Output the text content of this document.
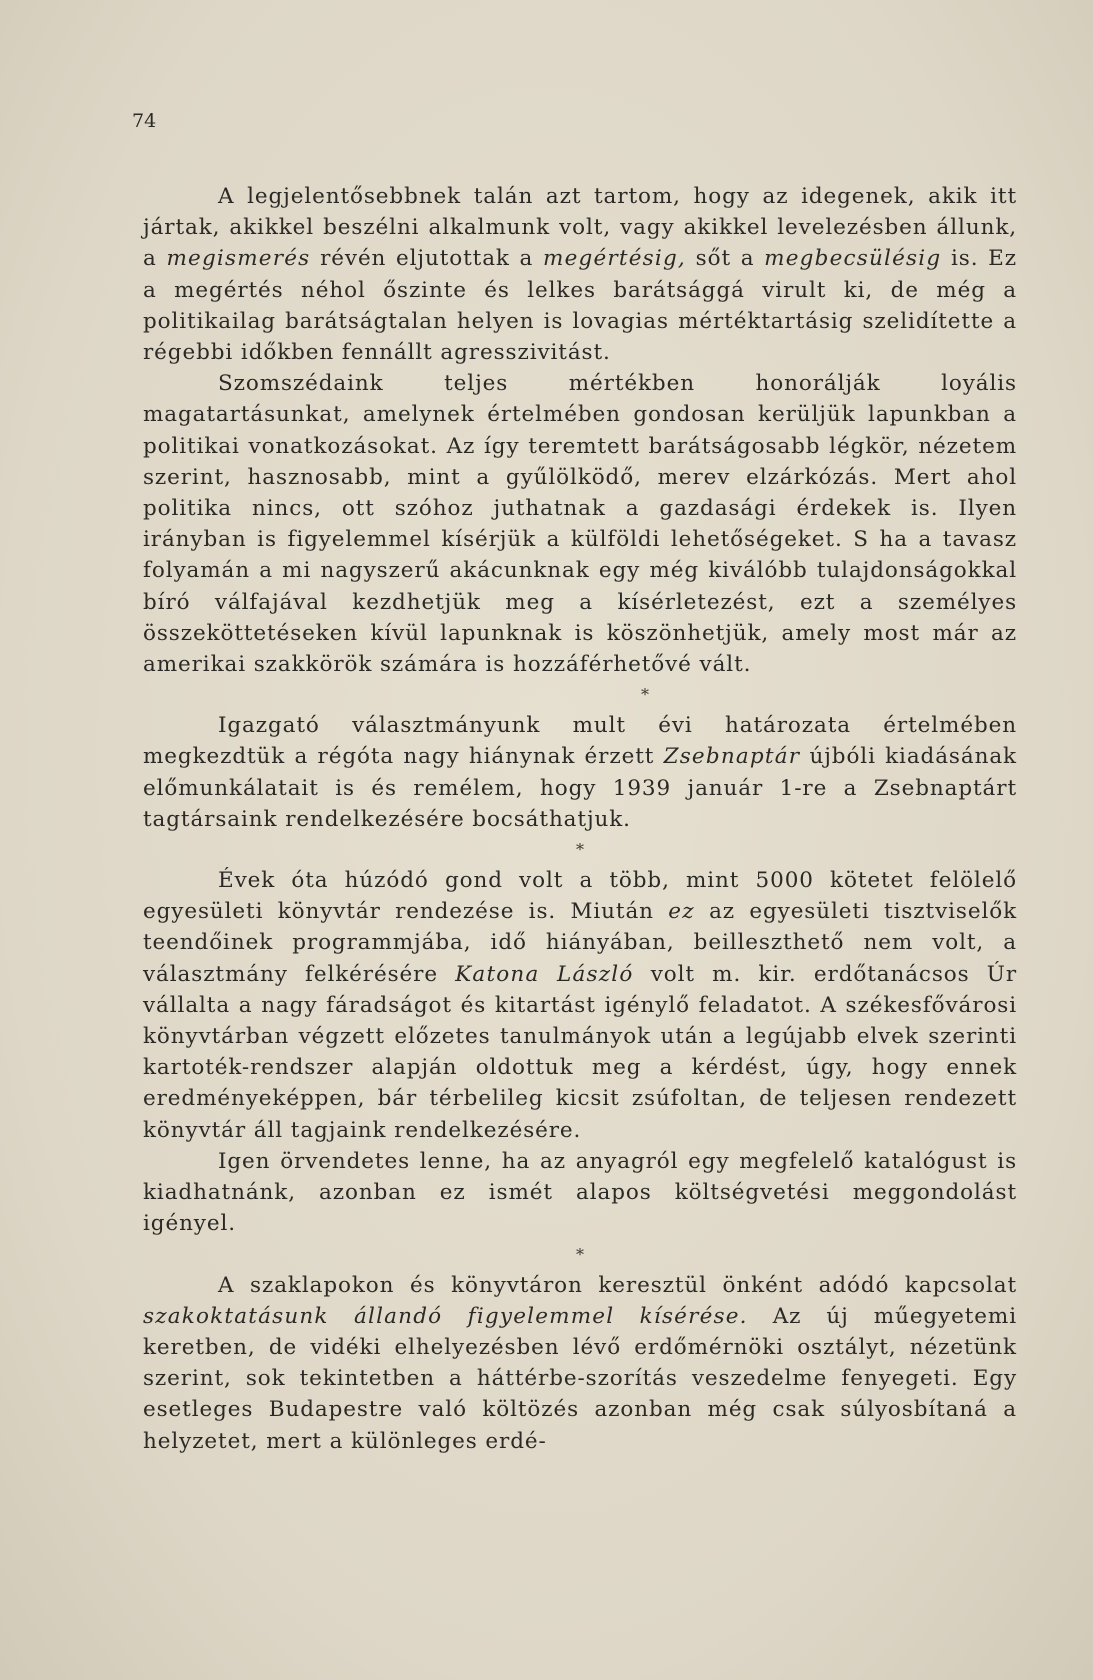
74

A legjelentősebbnek talán azt tartom, hogy az idegenek, akik itt jártak, akikkel beszélni alkalmunk volt, vagy akikkel levelezésben állunk, a megismerés révén eljutottak a megértésig, sőt a megbecsülésig is. Ez a megértés néhol őszinte és lelkes barátsággá virult ki, de még a politikailag barátságtalan helyen is lovagias mértéktartásig szelidítette a régebbi időkben fennállt agresszivitást.

Szomszédaink teljes mértékben honorálják loyális magatartásunkat, amelynek értelmében gondosan kerüljük lapunkban a politikai vonatkozásokat. Az így teremtett barátságosabb légkör, nézetem szerint, hasznosabb, mint a gyűlölködő, merev elzárkózás. Mert ahol politika nincs, ott szóhoz juthatnak a gazdasági érdekek is. Ilyen irányban is figyelemmel kísérjük a külföldi lehetőségeket. S ha a tavasz folyamán a mi nagyszerű akácunknak egy még kiválóbb tulajdonságokkal bíró válfajával kezdhetjük meg a kísérletezést, ezt a személyes összeköttetéseken kívül lapunknak is köszönhetjük, amely most már az amerikai szakkörök számára is hozzáférhetővé vált.

*

Igazgató választmányunk mult évi határozata értelmében megkezdtük a régóta nagy hiánynak érzett Zsebnaptár újbóli kiadásának előmunkálatait is és remélem, hogy 1939 január 1-re a Zsebnaptárt tagtársaink rendelkezésére bocsáthatjuk.

*

Évek óta húzódó gond volt a több, mint 5000 kötetet felölelő egyesületi könyvtár rendezése is. Miután ez az egyesületi tisztviselők teendőinek programmjába, idő hiányában, beilleszthető nem volt, a választmány felkérésére Katona László volt m. kir. erdőtanácsos Úr vállalta a nagy fáradságot és kitartást igénylő feladatot. A székesfővárosi könyvtárban végzett előzetes tanulmányok után a legújabb elvek szerinti kartoték-rendszer alapján oldottuk meg a kérdést, úgy, hogy ennek eredményeképpen, bár térbelileg kicsit zsúfoltan, de teljesen rendezett könyvtár áll tagjaink rendelkezésére.

Igen örvendetes lenne, ha az anyagról egy megfelelő katalógust is kiadhatnánk, azonban ez ismét alapos költségvetési meggondolást igényel.

*

A szaklapokon és könyvtáron keresztül önként adódó kapcsolat szakoktatásunk állandó figyelemmel kísérése. Az új műegyetemi keretben, de vidéki elhelyezésben lévő erdőmérnöki osztályt, nézetünk szerint, sok tekintetben a háttérbe-szorítás veszedelme fenyegeti. Egy esetleges Budapestre való költözés azonban még csak súlyosbítaná a helyzetet, mert a különleges erdé-
